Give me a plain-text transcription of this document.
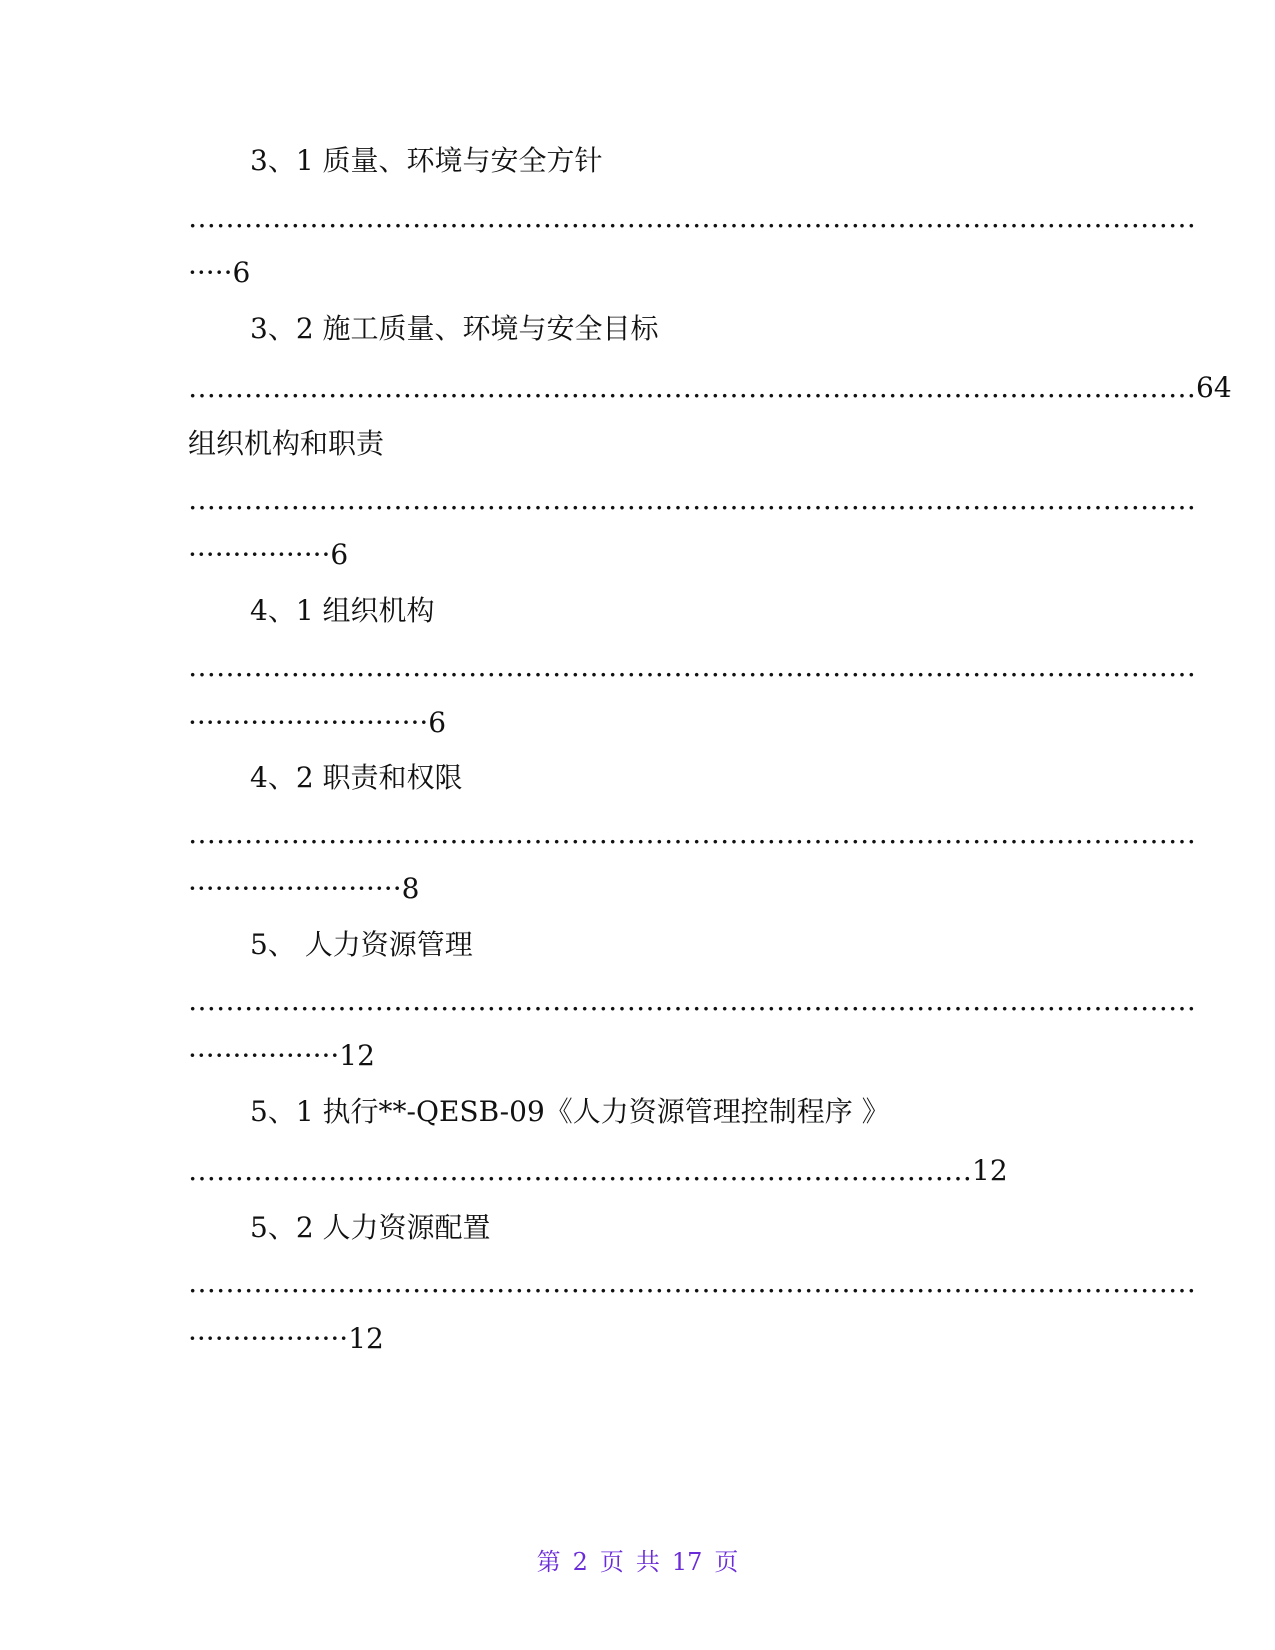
3、1 质量、环境与安全方针
………………………………………………………………………………………………
·····6
3、2 施工质量、环境与安全目标
………………………………………………………………………………………………64
组织机构和职责
………………………………………………………………………………………………
················6
4、1 组织机构
………………………………………………………………………………………………
···························6
4、2 职责和权限
………………………………………………………………………………………………
························8
5、 人力资源管理
………………………………………………………………………………………………
·················12
5、1 执行**-QESB-09《人力资源管理控制程序 》
…………………………………………………………………………12
5、2 人力资源配置
………………………………………………………………………………………………
··················12
第 2 页 共 17 页
